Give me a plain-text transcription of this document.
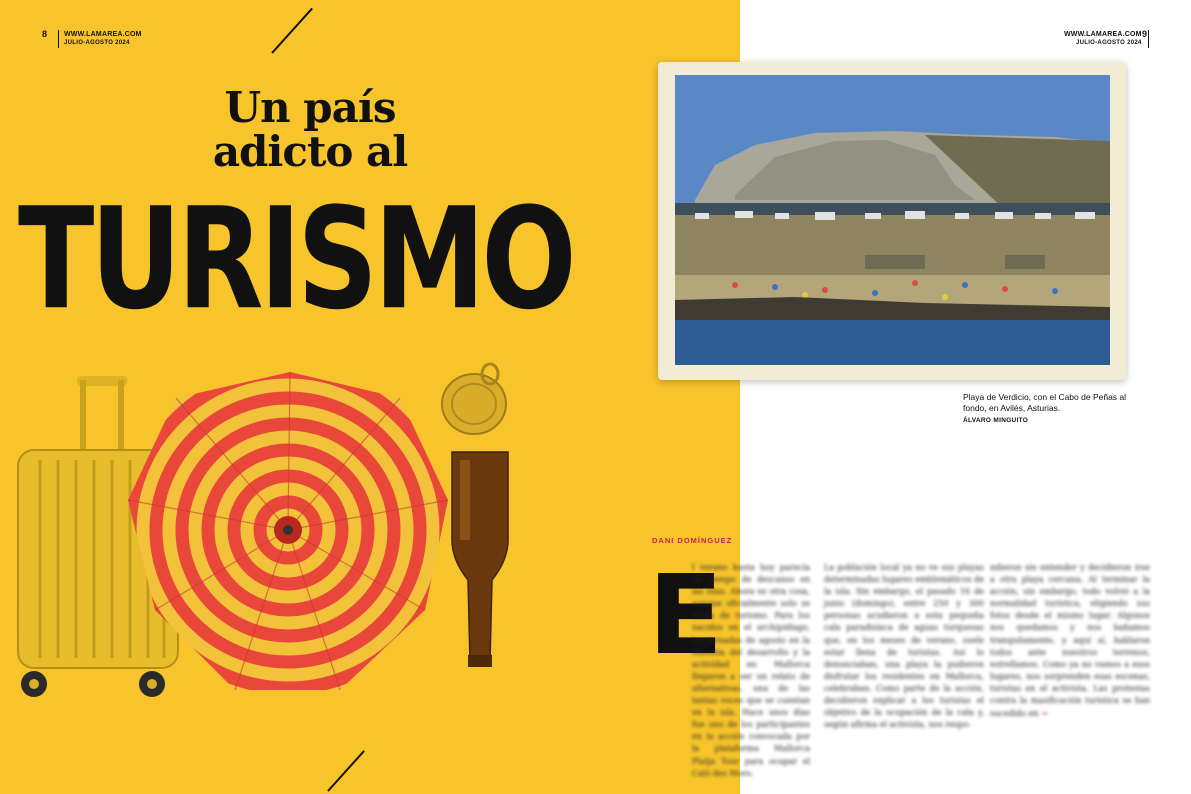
8 WWW.LAMAREA.COM
JULIO-AGOSTO 2024
Un país
adicto al
TURISMO
WWW.LAMAREA.COM
JULIO-AGOSTO 2024
9
Playa de Verdicio, con el Cabo de Peñas al fondo, en Avilés, Asturias.
ÁLVARO MINGUITO
DANI DOMÍNGUEZ
E
l verano hasta hoy parecía un tiempo de descanso en las islas. Ahora es otra cosa, aunque oficialmente solo se habla de turismo. Para los nacidos en el archipiélago, las jornadas de agosto en la Historia del desarrollo y la actividad en Mallorca llegaron a ser un relato de alternativas, una de las tantas voces que se cuentan en la isla. Hace unos días fue uno de los participantes en la acción convocada por la plataforma Mallorca Platja Tour para ocupar el Caló des Moro.
La población local ya no ve sus playas determinadas lugares emblemáticos de la isla. Sin embargo, el pasado 16 de junio (domingo), entre 250 y 300 personas acudieron a esta pequeña cala paradisíaca de aguas turquesas que, en los meses de verano, suele estar llena de turistas. Así lo denunciaban, una playa la pudieron disfrutar los residentes en Mallorca, celebraban. Como parte de la acción, decidieron explicar a los turistas el objetivo de la ocupación de la cala y, según afirma el activista, nos respo-
ndieron sin entender y decidieron irse a otra playa cercana. Al terminar la acción, sin embargo, todo volvió a la normalidad turística, eligiendo sus fotos desde el mismo lugar. Algunos nos quedamos y nos bañamos tranquilamente, y aquí sí, hablaron todos ante nuestros terrenos, estrellamos. Como ya no vamos a esos lugares, nos sorprenden esas escenas, turistas en el activista. Las protestas contra la masificación turística se han sucedido en →
